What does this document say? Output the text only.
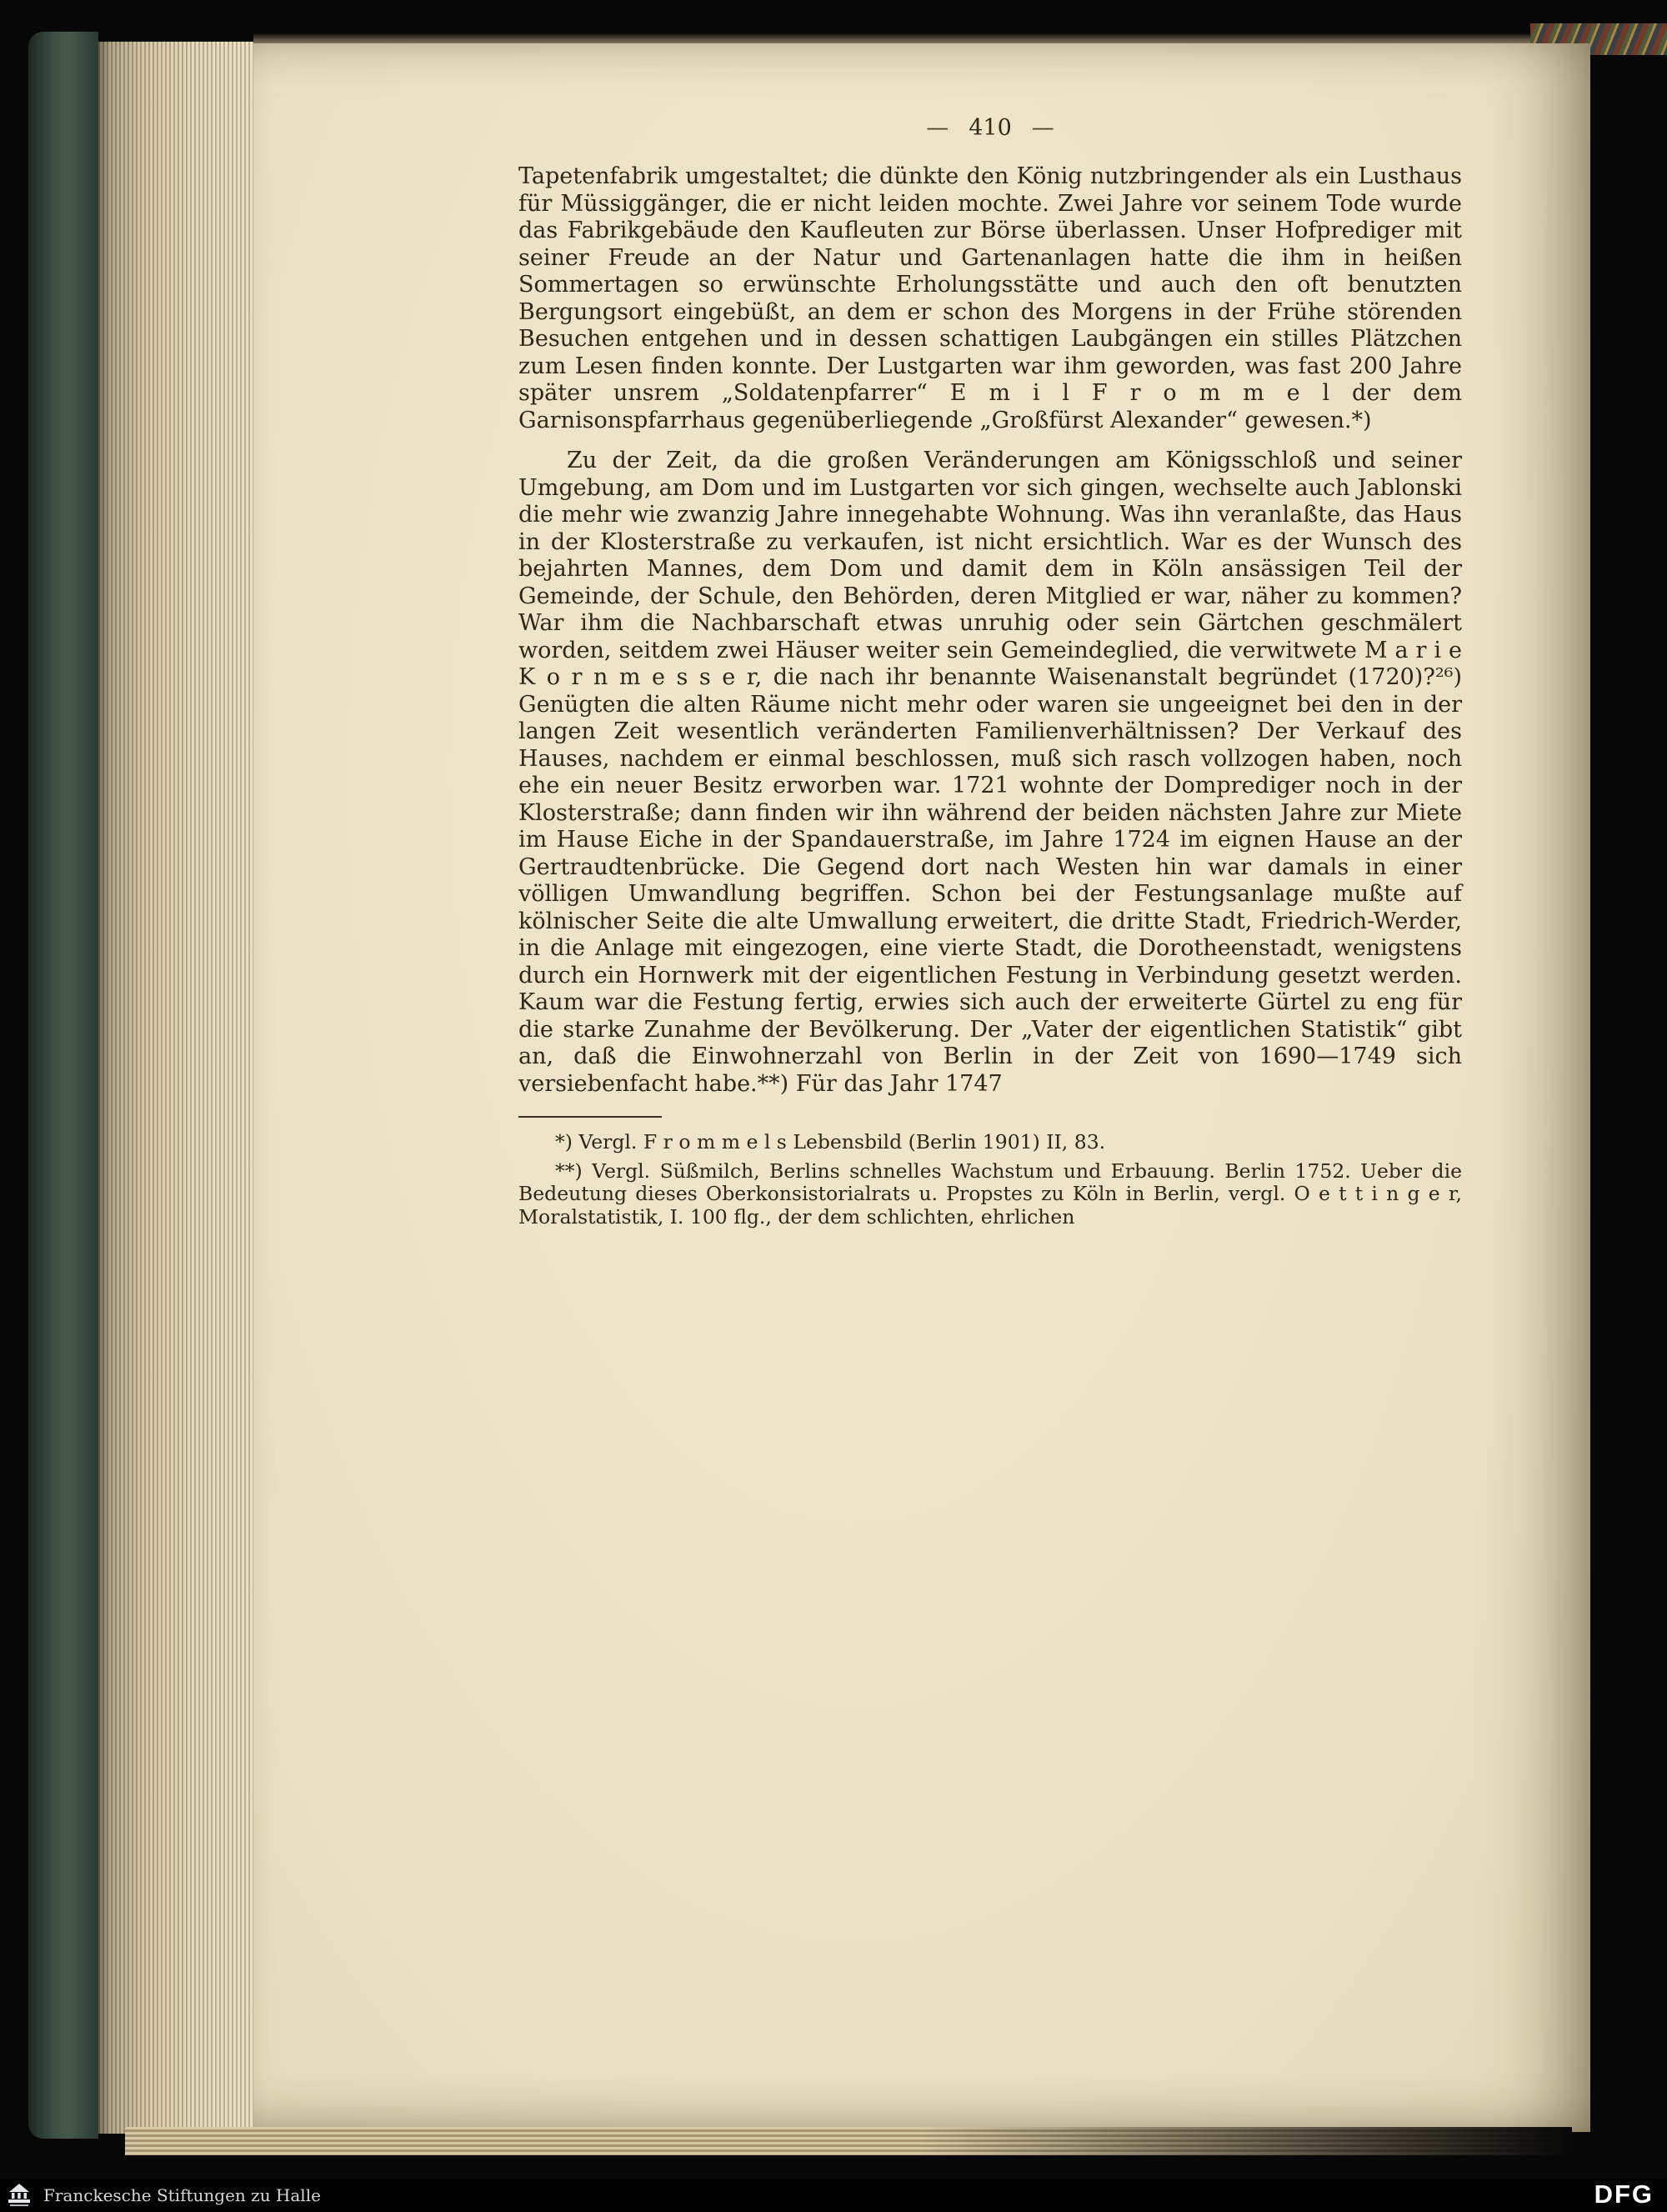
— 410 —

Tapetenfabrik umgestaltet; die dünkte den König nutzbringender als ein Lusthaus für Müssiggänger, die er nicht leiden mochte. Zwei Jahre vor seinem Tode wurde das Fabrikgebäude den Kaufleuten zur Börse überlassen. Unser Hofprediger mit seiner Freude an der Natur und Gartenanlagen hatte die ihm in heißen Sommertagen so erwünschte Erholungsstätte und auch den oft benutzten Bergungsort eingebüßt, an dem er schon des Morgens in der Frühe störenden Besuchen entgehen und in dessen schattigen Laubgängen ein stilles Plätzchen zum Lesen finden konnte. Der Lustgarten war ihm geworden, was fast 200 Jahre später unsrem „Soldatenpfarrer“ E m i l F r o m m e l der dem Garnisonspfarrhaus gegenüberliegende „Großfürst Alexander“ gewesen.*)

Zu der Zeit, da die großen Veränderungen am Königsschloß und seiner Umgebung, am Dom und im Lustgarten vor sich gingen, wechselte auch Jablonski die mehr wie zwanzig Jahre innegehabte Wohnung. Was ihn veranlaßte, das Haus in der Klosterstraße zu verkaufen, ist nicht ersichtlich. War es der Wunsch des bejahrten Mannes, dem Dom und damit dem in Köln ansässigen Teil der Gemeinde, der Schule, den Behörden, deren Mitglied er war, näher zu kommen? War ihm die Nachbarschaft etwas unruhig oder sein Gärtchen geschmälert worden, seitdem zwei Häuser weiter sein Gemeindeglied, die verwitwete M a r i e K o r n m e s s e r, die nach ihr benannte Waisenanstalt begründet (1720)?²⁶) Genügten die alten Räume nicht mehr oder waren sie ungeeignet bei den in der langen Zeit wesentlich veränderten Familienverhältnissen? Der Verkauf des Hauses, nachdem er einmal beschlossen, muß sich rasch vollzogen haben, noch ehe ein neuer Besitz erworben war. 1721 wohnte der Domprediger noch in der Klosterstraße; dann finden wir ihn während der beiden nächsten Jahre zur Miete im Hause Eiche in der Spandauerstraße, im Jahre 1724 im eignen Hause an der Gertraudtenbrücke. Die Gegend dort nach Westen hin war damals in einer völligen Umwandlung begriffen. Schon bei der Festungsanlage mußte auf kölnischer Seite die alte Umwallung erweitert, die dritte Stadt, Friedrich-Werder, in die Anlage mit eingezogen, eine vierte Stadt, die Dorotheenstadt, wenigstens durch ein Hornwerk mit der eigentlichen Festung in Verbindung gesetzt werden. Kaum war die Festung fertig, erwies sich auch der erweiterte Gürtel zu eng für die starke Zunahme der Bevölkerung. Der „Vater der eigentlichen Statistik“ gibt an, daß die Einwohnerzahl von Berlin in der Zeit von 1690—1749 sich versiebenfacht habe.**) Für das Jahr 1747

*) Vergl. F r o m m e l s Lebensbild (Berlin 1901) II, 83.

**) Vergl. Süßmilch, Berlins schnelles Wachstum und Erbauung. Berlin 1752. Ueber die Bedeutung dieses Oberkonsistorialrats u. Propstes zu Köln in Berlin, vergl. O e t t i n g e r, Moralstatistik, I. 100 flg., der dem schlichten, ehrlichen

Franckesche Stiftungen zu Halle	DFG
